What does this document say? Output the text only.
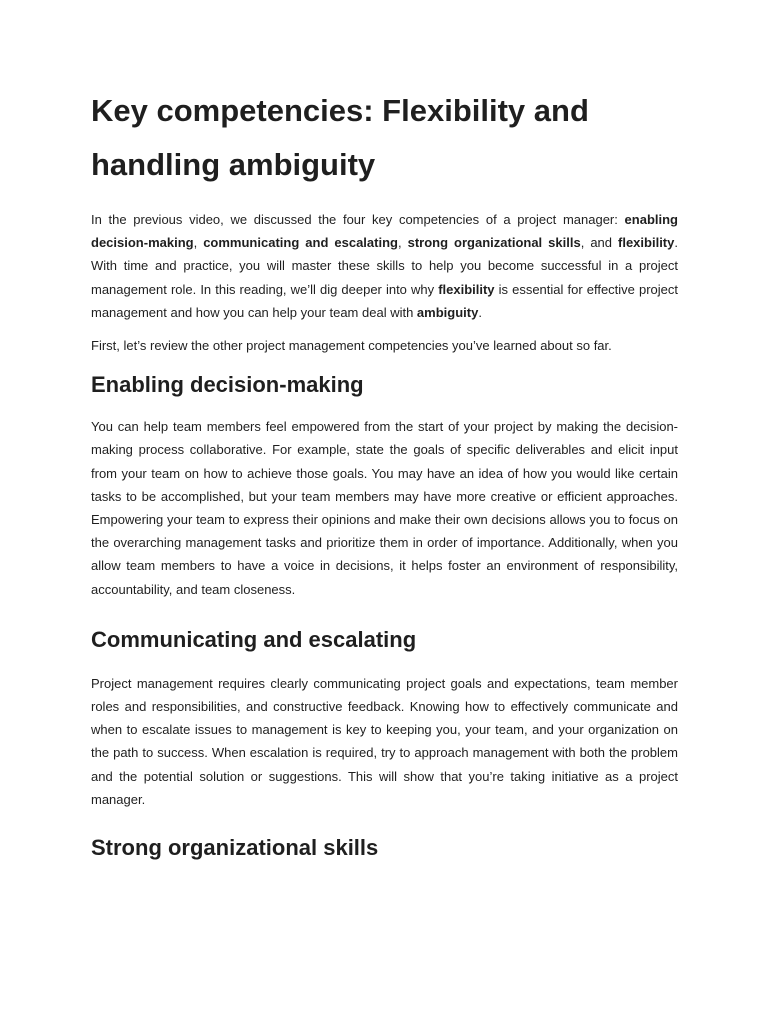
Key competencies: Flexibility and handling ambiguity

In the previous video, we discussed the four key competencies of a project manager: enabling decision-making, communicating and escalating, strong organizational skills, and flexibility. With time and practice, you will master these skills to help you become successful in a project management role. In this reading, we’ll dig deeper into why flexibility is essential for effective project management and how you can help your team deal with ambiguity.

First, let’s review the other project management competencies you’ve learned about so far.

Enabling decision-making

You can help team members feel empowered from the start of your project by making the decision-making process collaborative. For example, state the goals of specific deliverables and elicit input from your team on how to achieve those goals. You may have an idea of how you would like certain tasks to be accomplished, but your team members may have more creative or efficient approaches. Empowering your team to express their opinions and make their own decisions allows you to focus on the overarching management tasks and prioritize them in order of importance. Additionally, when you allow team members to have a voice in decisions, it helps foster an environment of responsibility, accountability, and team closeness.

Communicating and escalating

Project management requires clearly communicating project goals and expectations, team member roles and responsibilities, and constructive feedback. Knowing how to effectively communicate and when to escalate issues to management is key to keeping you, your team, and your organization on the path to success. When escalation is required, try to approach management with both the problem and the potential solution or suggestions. This will show that you’re taking initiative as a project manager.

Strong organizational skills
